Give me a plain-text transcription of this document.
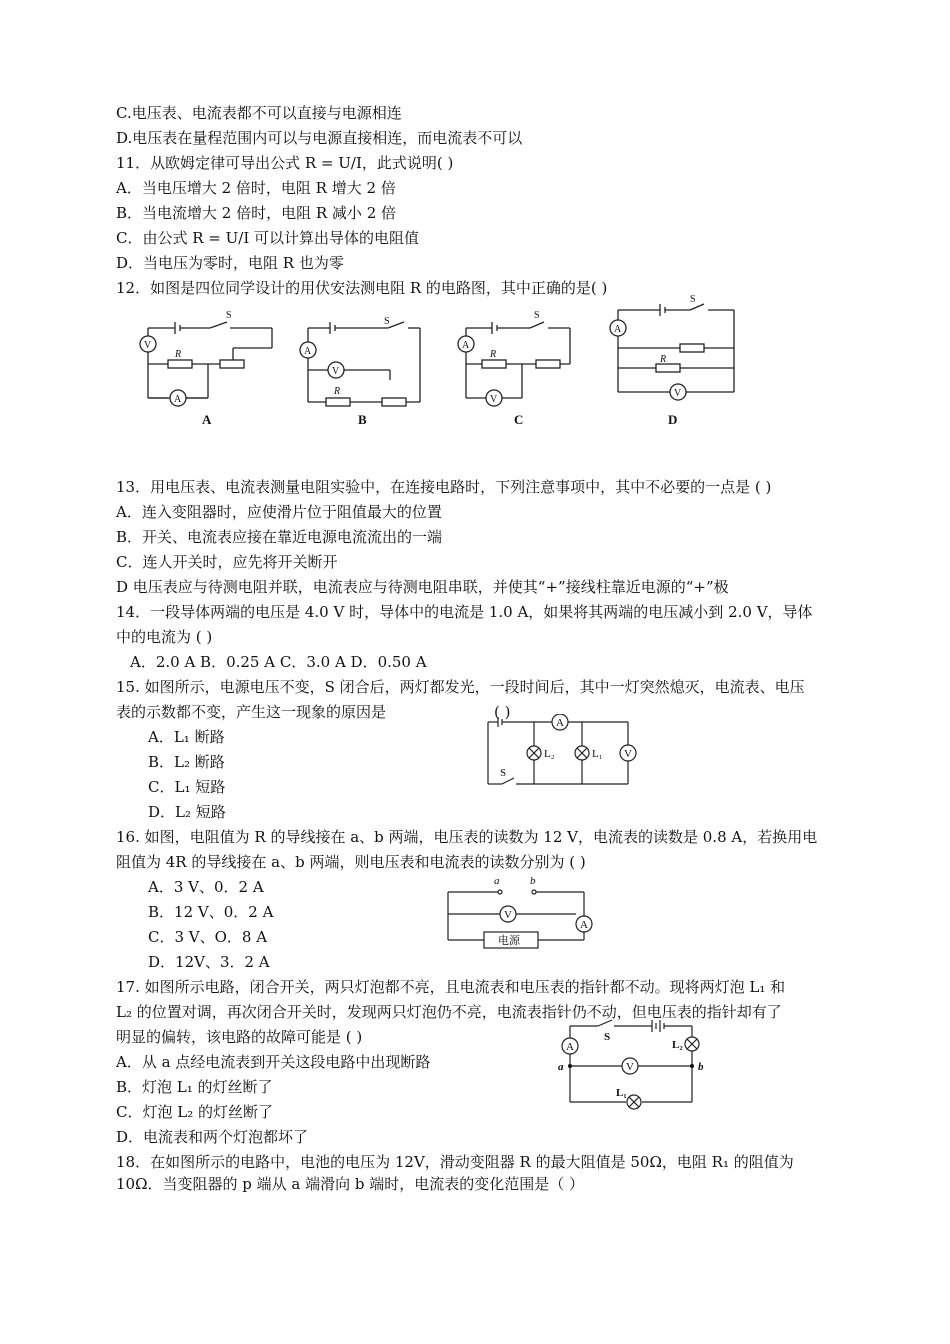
C.电压表、电流表都不可以直接与电源相连
D.电压表在量程范围内可以与电源直接相连，而电流表不可以
11．从欧姆定律可导出公式 R = U/I，此式说明( )
A．当电压增大 2 倍时，电阻 R 增大 2 倍
B．当电流增大 2 倍时，电阻 R 减小 2 倍
C．由公式 R = U/I 可以计算出导体的电阻值
D．当电压为零时，电阻 R 也为零
12．如图是四位同学设计的用伏安法测电阻 R 的电路图，其中正确的是( )
V
A
R
S
A
V
R
S
A
V
R
S
A
V
R
S
A	B	C	D
13．用电压表、电流表测量电阻实验中，在连接电路时，下列注意事项中，其中不必要的一点是 ( )
A．连入变阻器时，应使滑片位于阻值最大的位置
B．开关、电流表应接在靠近电源电流流出的一端
C．连人开关时，应先将开关断开
D 电压表应与待测电阻并联，电流表应与待测电阻串联，并使其“+”接线柱靠近电源的“+”极
14．一段导体两端的电压是 4.0 V 时，导体中的电流是 1.0 A，如果将其两端的电压减小到 2.0 V，导体
中的电流为 ( )
A．2.0 A B．0.25 A C．3.0 A D．0.50 A
15. 如图所示，电源电压不变，S 闭合后，两灯都发光，一段时间后，其中一灯突然熄灭，电流表、电压
表的示数都不变，产生这一现象的原因是	( )
A．L₁ 断路
B．L₂ 断路
C．L₁ 短路
D．L₂ 短路
A
V
L₂	L₁
S
16. 如图，电阻值为 R 的导线接在 a、b 两端，电压表的读数为 12 V，电流表的读数是 0.8 A，若换用电
阻值为 4R 的导线接在 a、b 两端，则电压表和电流表的读数分别为 ( )
A．3 V、0．2 A
B．12 V、0．2 A
C．3 V、O．8 A
D．12V、3．2 A
a	b
V
A
电源
17. 如图所示电路，闭合开关，两只灯泡都不亮，且电流表和电压表的指针都不动。现将两灯泡 L₁ 和
L₂ 的位置对调，再次闭合开关时，发现两只灯泡仍不亮，电流表指针仍不动，但电压表的指针却有了
明显的偏转，该电路的故障可能是 ( )
A．从 a 点经电流表到开关这段电路中出现断路
B．灯泡 L₁ 的灯丝断了
C．灯泡 L₂ 的灯丝断了
D．电流表和两个灯泡都坏了
S
A
V
L₂
L₁
a	b
18．在如图所示的电路中，电池的电压为 12V，滑动变阻器 R 的最大阻值是 50Ω，电阻 R₁ 的阻值为
10Ω．当变阻器的 p 端从 a 端滑向 b 端时，电流表的变化范围是（ ）
